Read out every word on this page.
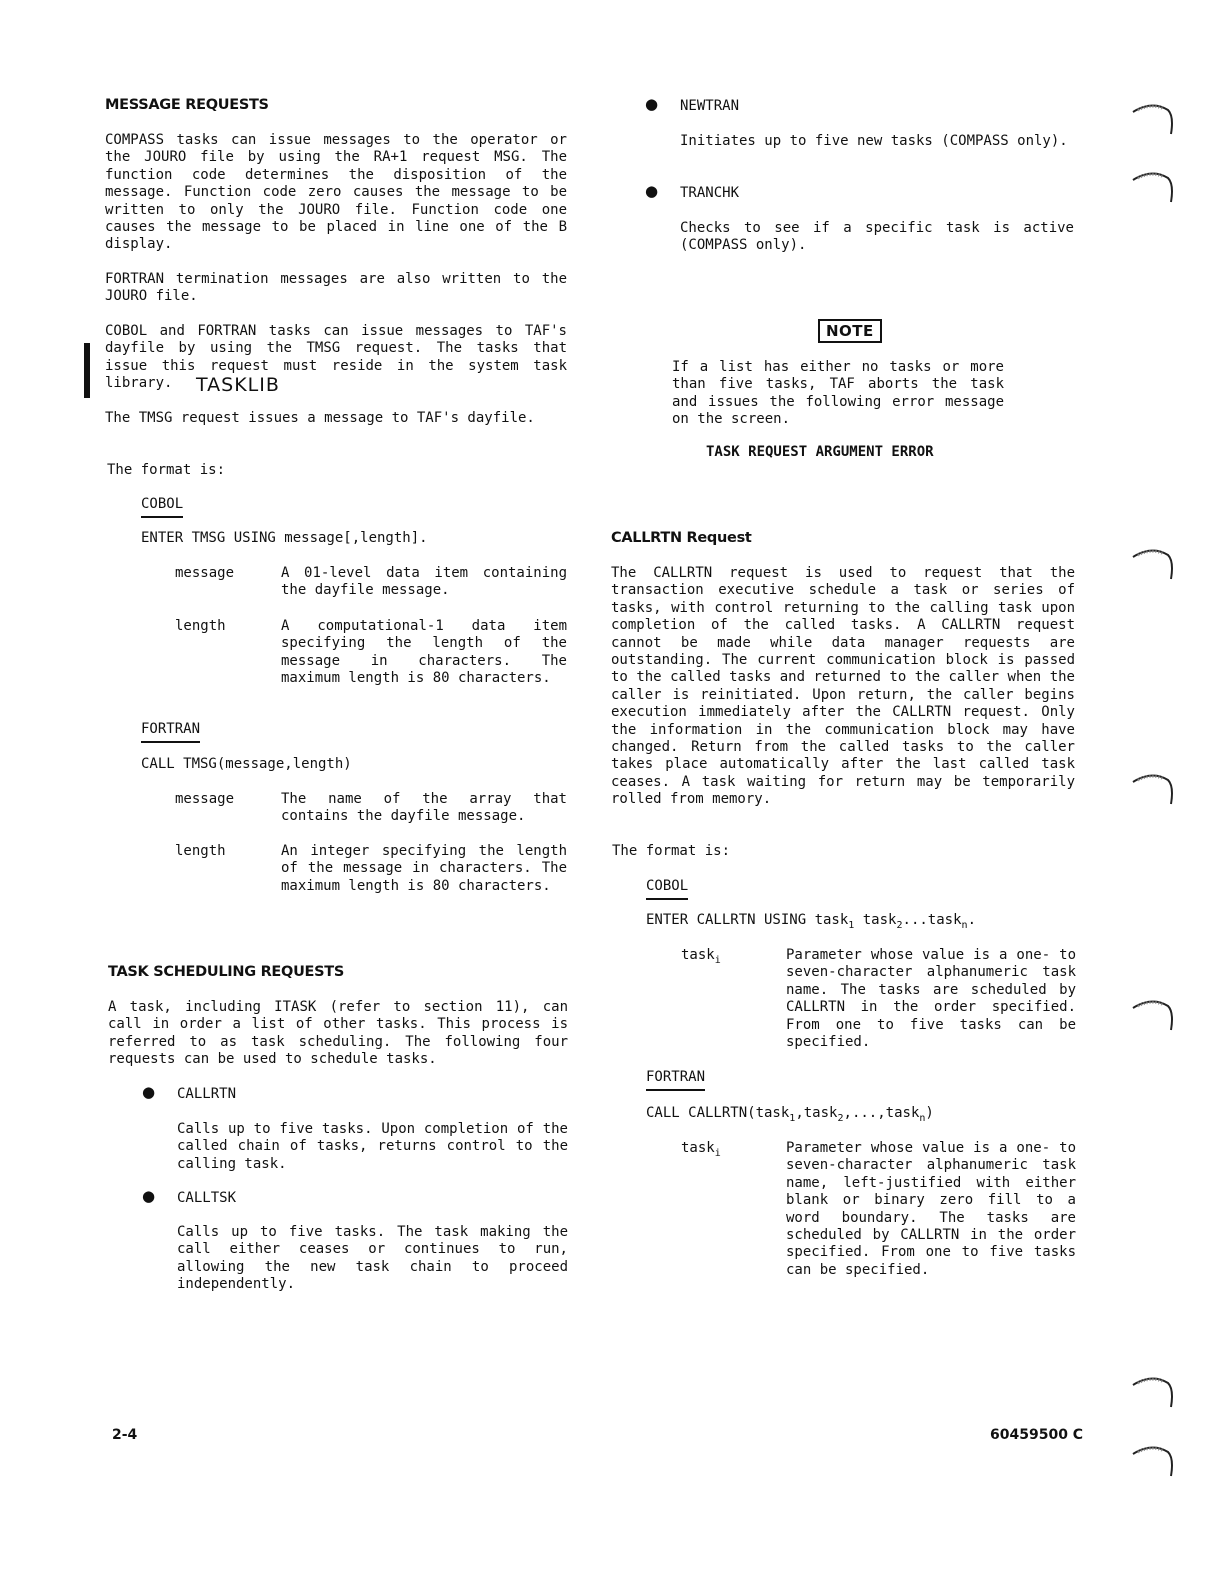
MESSAGE REQUESTS
COMPASS tasks can issue messages to the operator or the JOURO file by using the RA+1 request MSG. The function code determines the disposition of the message. Function code zero causes the message to be written to only the JOURO file. Function code one causes the message to be placed in line one of the B display.
FORTRAN termination messages are also written to the JOURO file.
COBOL and FORTRAN tasks can issue messages to TAF's dayfile by using the TMSG request. The tasks that issue this request must reside in the system task library.	TASKLIB
The TMSG request issues a message to TAF's dayfile.
The format is:
COBOL
ENTER TMSG USING message[,length].
message	A 01-level data item containing the dayfile message.
length	A computational-1 data item specifying the length of the message in characters. The maximum length is 80 characters.
FORTRAN
CALL TMSG(message,length)
message	The name of the array that contains the dayfile message.
length	An integer specifying the length of the message in characters. The maximum length is 80 characters.
TASK SCHEDULING REQUESTS
A task, including ITASK (refer to section 11), can call in order a list of other tasks. This process is referred to as task scheduling. The following four requests can be used to schedule tasks.
● CALLRTN
Calls up to five tasks. Upon completion of the called chain of tasks, returns control to the calling task.
● CALLTSK
Calls up to five tasks. The task making the call either ceases or continues to run, allowing the new task chain to proceed independently.
● NEWTRAN
Initiates up to five new tasks (COMPASS only).
● TRANCHK
Checks to see if a specific task is active (COMPASS only).
NOTE
If a list has either no tasks or more than five tasks, TAF aborts the task and issues the following error message on the screen.
TASK REQUEST ARGUMENT ERROR
CALLRTN Request
The CALLRTN request is used to request that the transaction executive schedule a task or series of tasks, with control returning to the calling task upon completion of the called tasks. A CALLRTN request cannot be made while data manager requests are outstanding. The current communication block is passed to the called tasks and returned to the caller when the caller is reinitiated. Upon return, the caller begins execution immediately after the CALLRTN request. Only the information in the communication block may have changed. Return from the called tasks to the caller takes place automatically after the last called task ceases. A task waiting for return may be temporarily rolled from memory.
The format is:
COBOL
ENTER CALLRTN USING task$_1$ task$_2$...task$_n$.
task$_i$	Parameter whose value is a one- to seven-character alphanumeric task name. The tasks are scheduled by CALLRTN in the order specified. From one to five tasks can be specified.
FORTRAN
CALL CALLRTN(task$_1$,task$_2$,...,task$_n$)
task$_i$	Parameter whose value is a one- to seven-character alphanumeric task name, left-justified with either blank or binary zero fill to a word boundary. The tasks are scheduled by CALLRTN in the order specified. From one to five tasks can be specified.
2-4	60459500 C
